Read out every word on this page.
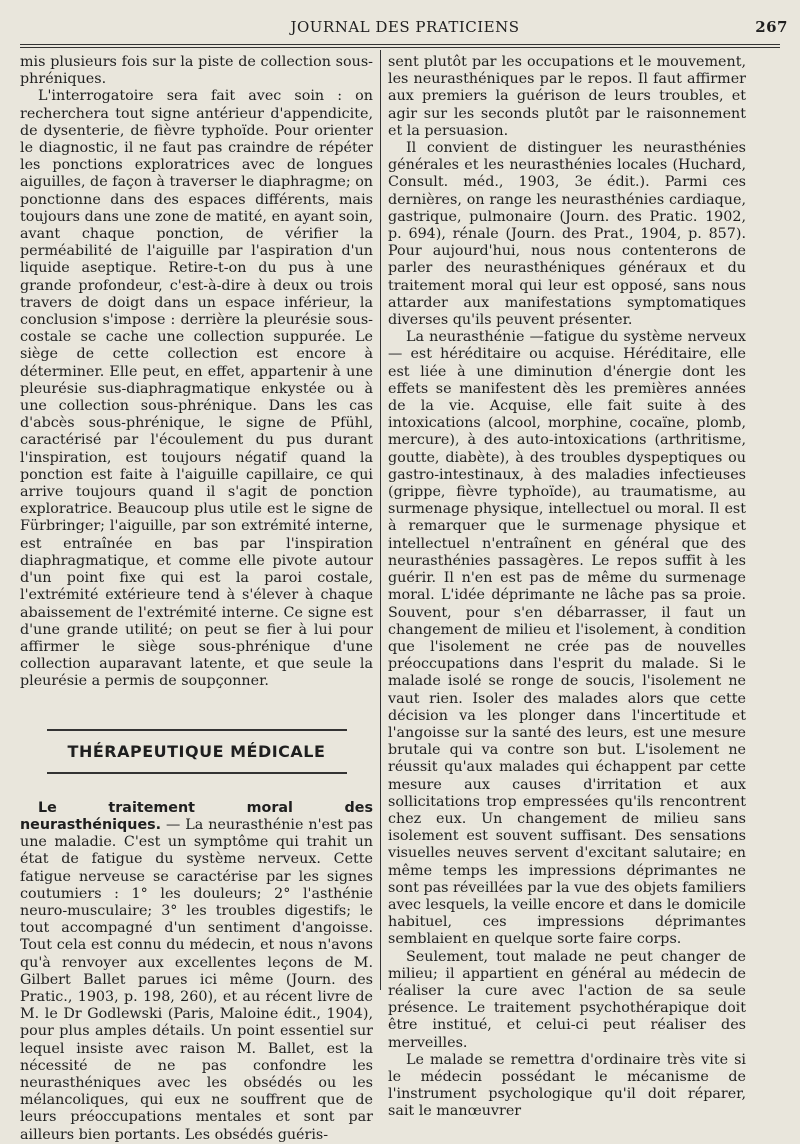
JOURNAL DES PRATICIENS	267

mis plusieurs fois sur la piste de collection sous-phréniques.

L'interrogatoire sera fait avec soin : on recherchera tout signe antérieur d'appendicite, de dysenterie, de fièvre typhoïde. Pour orienter le diagnostic, il ne faut pas craindre de répéter les ponctions exploratrices avec de longues aiguilles, de façon à traverser le diaphragme; on ponctionne dans des espaces différents, mais toujours dans une zone de matité, en ayant soin, avant chaque ponction, de vérifier la perméabilité de l'aiguille par l'aspiration d'un liquide aseptique. Retire-t-on du pus à une grande profondeur, c'est-à-dire à deux ou trois travers de doigt dans un espace inférieur, la conclusion s'impose : derrière la pleurésie sous-costale se cache une collection suppurée. Le siège de cette collection est encore à déterminer. Elle peut, en effet, appartenir à une pleurésie sus-diaphragmatique enkystée ou à une collection sous-phrénique. Dans les cas d'abcès sous-phrénique, le signe de Pfühl, caractérisé par l'écoulement du pus durant l'inspiration, est toujours négatif quand la ponction est faite à l'aiguille capillaire, ce qui arrive toujours quand il s'agit de ponction exploratrice. Beaucoup plus utile est le signe de Fürbringer; l'aiguille, par son extrémité interne, est entraînée en bas par l'inspiration diaphragmatique, et comme elle pivote autour d'un point fixe qui est la paroi costale, l'extrémité extérieure tend à s'élever à chaque abaissement de l'extrémité interne. Ce signe est d'une grande utilité; on peut se fier à lui pour affirmer le siège sous-phrénique d'une collection auparavant latente, et que seule la pleurésie a permis de soupçonner.

THÉRAPEUTIQUE MÉDICALE

Le traitement moral des neurasthéniques. — La neurasthénie n'est pas une maladie. C'est un symptôme qui trahit un état de fatigue du système nerveux. Cette fatigue nerveuse se caractérise par les signes coutumiers : 1° les douleurs; 2° l'asthénie neuro-musculaire; 3° les troubles digestifs; le tout accompagné d'un sentiment d'angoisse. Tout cela est connu du médecin, et nous n'avons qu'à renvoyer aux excellentes leçons de M. Gilbert Ballet parues ici même (Journ. des Pratic., 1903, p. 198, 260), et au récent livre de M. le Dr Godlewski (Paris, Maloine édit., 1904), pour plus amples détails. Un point essentiel sur lequel insiste avec raison M. Ballet, est la nécessité de ne pas confondre les neurasthéniques avec les obsédés ou les mélancoliques, qui eux ne souffrent que de leurs préoccupations mentales et sont par ailleurs bien portants. Les obsédés guéris-

sent plutôt par les occupations et le mouvement, les neurasthéniques par le repos. Il faut affirmer aux premiers la guérison de leurs troubles, et agir sur les seconds plutôt par le raisonnement et la persuasion.

Il convient de distinguer les neurasthénies générales et les neurasthénies locales (Huchard, Consult. méd., 1903, 3e édit.). Parmi ces dernières, on range les neurasthénies cardiaque, gastrique, pulmonaire (Journ. des Pratic. 1902, p. 694), rénale (Journ. des Prat., 1904, p. 857). Pour aujourd'hui, nous nous contenterons de parler des neurasthéniques généraux et du traitement moral qui leur est opposé, sans nous attarder aux manifestations symptomatiques diverses qu'ils peuvent présenter.

La neurasthénie —fatigue du système nerveux — est héréditaire ou acquise. Héréditaire, elle est liée à une diminution d'énergie dont les effets se manifestent dès les premières années de la vie. Acquise, elle fait suite à des intoxications (alcool, morphine, cocaïne, plomb, mercure), à des auto-intoxications (arthritisme, goutte, diabète), à des troubles dyspeptiques ou gastro-intestinaux, à des maladies infectieuses (grippe, fièvre typhoïde), au traumatisme, au surmenage physique, intellectuel ou moral. Il est à remarquer que le surmenage physique et intellectuel n'entraînent en général que des neurasthénies passagères. Le repos suffit à les guérir. Il n'en est pas de même du surmenage moral. L'idée déprimante ne lâche pas sa proie. Souvent, pour s'en débarrasser, il faut un changement de milieu et l'isolement, à condition que l'isolement ne crée pas de nouvelles préoccupations dans l'esprit du malade. Si le malade isolé se ronge de soucis, l'isolement ne vaut rien. Isoler des malades alors que cette décision va les plonger dans l'incertitude et l'angoisse sur la santé des leurs, est une mesure brutale qui va contre son but. L'isolement ne réussit qu'aux malades qui échappent par cette mesure aux causes d'irritation et aux sollicitations trop empressées qu'ils rencontrent chez eux. Un changement de milieu sans isolement est souvent suffisant. Des sensations visuelles neuves servent d'excitant salutaire; en même temps les impressions déprimantes ne sont pas réveillées par la vue des objets familiers avec lesquels, la veille encore et dans le domicile habituel, ces impressions déprimantes semblaient en quelque sorte faire corps.

Seulement, tout malade ne peut changer de milieu; il appartient en général au médecin de réaliser la cure avec l'action de sa seule présence. Le traitement psychothérapique doit être institué, et celui-ci peut réaliser des merveilles.

Le malade se remettra d'ordinaire très vite si le médecin possédant le mécanisme de l'instrument psychologique qu'il doit réparer, sait le manœuvrer
